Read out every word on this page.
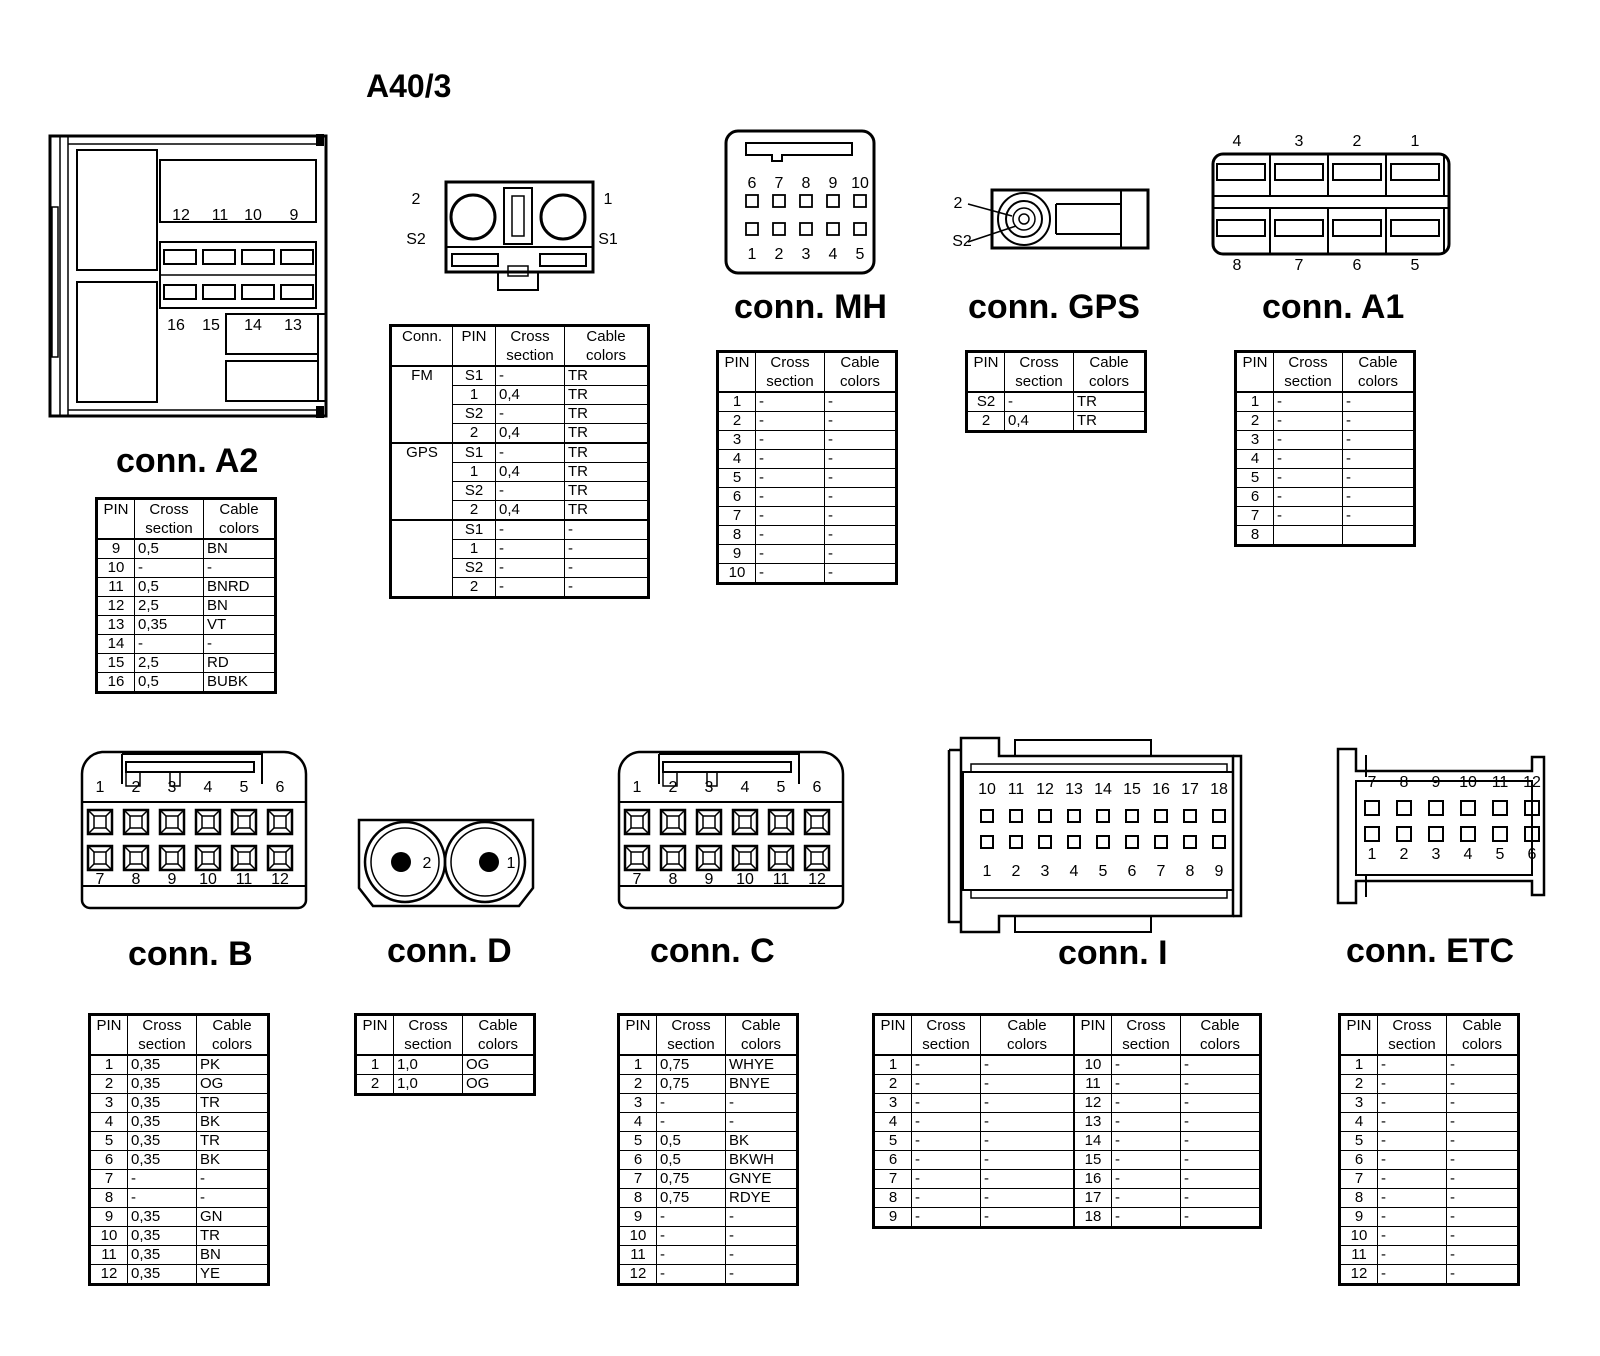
A40/3
12 11 10 9
16 15 14 13
conn. A2
PIN	Cross
section	Cable
colors
9	0,5	BN
10	-	-
11	0,5	BNRD
12	2,5	BN
13	0,35	VT
14	-	-
15	2,5	RD
16	0,5	BUBK
2
S2
1
S1
Conn.	PIN	Cross
section	Cable
colors
FM	S1	-	TR
	1	0,4	TR
	S2	-	TR
	2	0,4	TR
GPS	S1	-	TR
	1	0,4	TR
	S2	-	TR
	2	0,4	TR
	S1	-	-
	1	-	-
	S2	-	-
	2	-	-
6
1
7
2
8
3
9
4
10
5
conn. MH
PIN	Cross
section	Cable
colors
1	-	-
2	-	-
3	-	-
4	-	-
5	-	-
6	-	-
7	-	-
8	-	-
9	-	-
10	-	-
2
S2
conn. GPS
PIN	Cross
section	Cable
colors
S2	-	TR
2	0,4	TR
4
8
3
7
2
6
1
5
conn. A1
PIN	Cross
section	Cable
colors
1	-	-
2	-	-
3	-	-
4	-	-
5	-	-
6	-	-
7	-	-
8		
1
7
2
8
3
9
4
10
5
11
6
12
conn. B
PIN	Cross
section	Cable
colors
1	0,35	PK
2	0,35	OG
3	0,35	TR
4	0,35	BK
5	0,35	TR
6	0,35	BK
7	-	-
8	-	-
9	0,35	GN
10	0,35	TR
11	0,35	BN
12	0,35	YE
2	1
conn. D
PIN	Cross
section	Cable
colors
1	1,0	OG
2	1,0	OG
1
7
2
8
3
9
4
10
5
11
6
12
conn. C
PIN	Cross
section	Cable
colors
1	0,75	WHYE
2	0,75	BNYE
3	-	-
4	-	-
5	0,5	BK
6	0,5	BKWH
7	0,75	GNYE
8	0,75	RDYE
9	-	-
10	-	-
11	-	-
12	-	-
10
1
11
2
12
3
13
4
14
5
15
6
16
7
17
8
18
9
conn. I
PIN	Cross
section	Cable
colors	PIN	Cross
section	Cable
colors
1	-	-	10	-	-
2	-	-	11	-	-
3	-	-	12	-	-
4	-	-	13	-	-
5	-	-	14	-	-
6	-	-	15	-	-
7	-	-	16	-	-
8	-	-	17	-	-
9	-	-	18	-	-
7
1
8
2
9
3
10
4
11
5
12
6
conn. ETC
PIN	Cross
section	Cable
colors
1	-	-
2	-	-
3	-	-
4	-	-
5	-	-
6	-	-
7	-	-
8	-	-
9	-	-
10	-	-
11	-	-
12	-	-
